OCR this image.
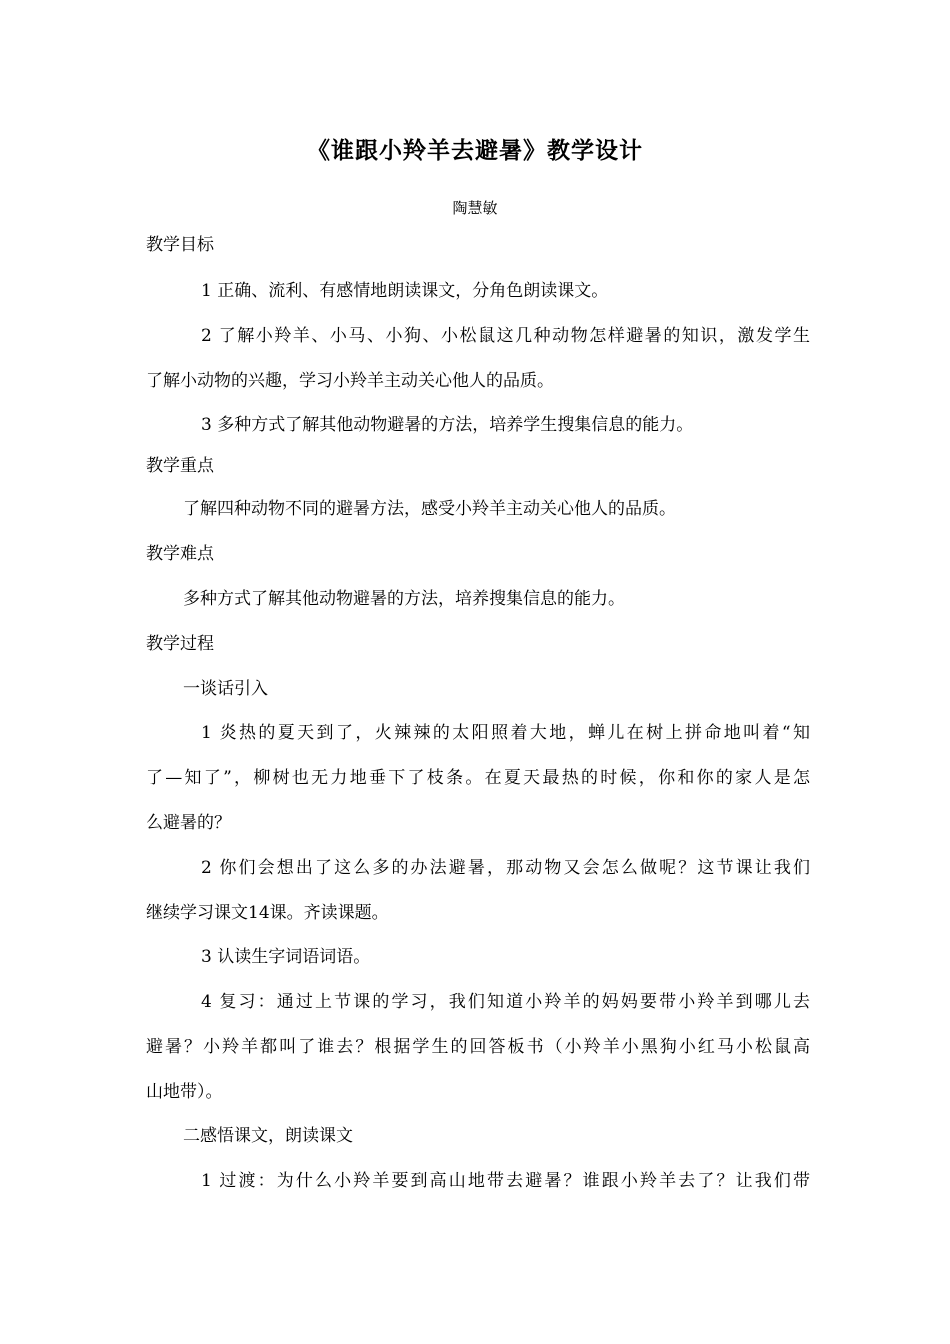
《谁跟小羚羊去避暑》教学设计
陶慧敏
教学目标
1 正确、流利、有感情地朗读课文，分角色朗读课文。
2 了解小羚羊、小马、小狗、小松鼠这几种动物怎样避暑的知识，激发学生
了解小动物的兴趣，学习小羚羊主动关心他人的品质。
3 多种方式了解其他动物避暑的方法，培养学生搜集信息的能力。
教学重点
了解四种动物不同的避暑方法，感受小羚羊主动关心他人的品质。
教学难点
多种方式了解其他动物避暑的方法，培养搜集信息的能力。
教学过程
一谈话引入
1 炎热的夏天到了，火辣辣的太阳照着大地，蝉儿在树上拼命地叫着“知
了—知了”，柳树也无力地垂下了枝条。在夏天最热的时候，你和你的家人是怎
么避暑的？
2 你们会想出了这么多的办法避暑，那动物又会怎么做呢？这节课让我们
继续学习课文14课。齐读课题。
3 认读生字词语词语。
4 复习：通过上节课的学习，我们知道小羚羊的妈妈要带小羚羊到哪儿去
避暑？小羚羊都叫了谁去？根据学生的回答板书（小羚羊小黑狗小红马小松鼠高
山地带）。
二感悟课文，朗读课文
1 过渡：为什么小羚羊要到高山地带去避暑？谁跟小羚羊去了？让我们带
